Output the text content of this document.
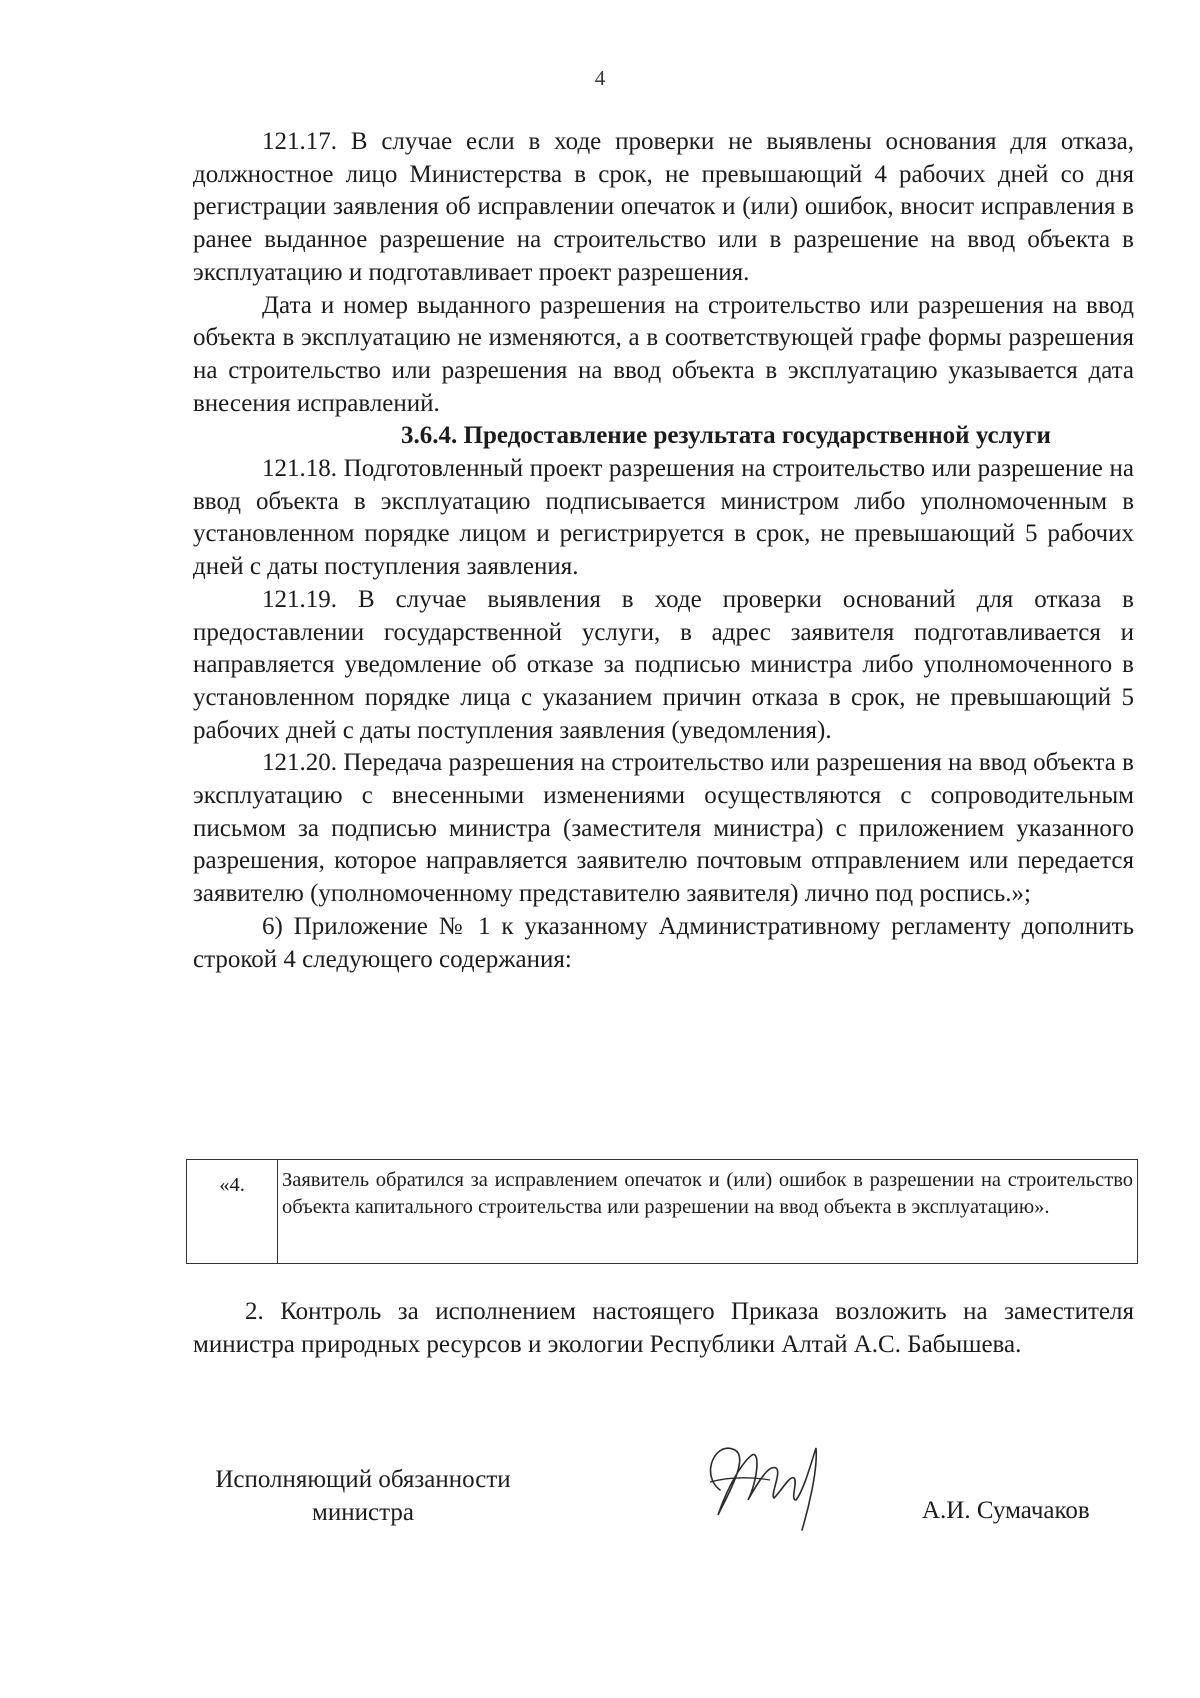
4

121.17. В случае если в ходе проверки не выявлены основания для отказа, должностное лицо Министерства в срок, не превышающий 4 рабочих дней со дня регистрации заявления об исправлении опечаток и (или) ошибок, вносит исправления в ранее выданное разрешение на строительство или в разрешение на ввод объекта в эксплуатацию и подготавливает проект разрешения.

Дата и номер выданного разрешения на строительство или разрешения на ввод объекта в эксплуатацию не изменяются, а в соответствующей графе формы разрешения на строительство или разрешения на ввод объекта в эксплуатацию указывается дата внесения исправлений.

3.6.4. Предоставление результата государственной услуги

121.18. Подготовленный проект разрешения на строительство или разрешение на ввод объекта в эксплуатацию подписывается министром либо уполномоченным в установленном порядке лицом и регистрируется в срок, не превышающий 5 рабочих дней с даты поступления заявления.

121.19. В случае выявления в ходе проверки оснований для отказа в предоставлении государственной услуги, в адрес заявителя подготавливается и направляется уведомление об отказе за подписью министра либо уполномоченного в установленном порядке лица с указанием причин отказа в срок, не превышающий 5 рабочих дней с даты поступления заявления (уведомления).

121.20. Передача разрешения на строительство или разрешения на ввод объекта в эксплуатацию с внесенными изменениями осуществляются с сопроводительным письмом за подписью министра (заместителя министра) с приложением указанного разрешения, которое направляется заявителю почтовым отправлением или передается заявителю (уполномоченному представителю заявителя) лично под роспись.»;

6) Приложение № 1 к указанному Административному регламенту дополнить строкой 4 следующего содержания:

«4.	Заявитель обратился за исправлением опечаток и (или) ошибок в разрешении на строительство объекта капитального строительства или разрешении на ввод объекта в эксплуатацию».

2. Контроль за исполнением настоящего Приказа возложить на заместителя министра природных ресурсов и экологии Республики Алтай А.С. Бабышева.

Исполняющий обязанности
министра	А.И. Сумачаков
